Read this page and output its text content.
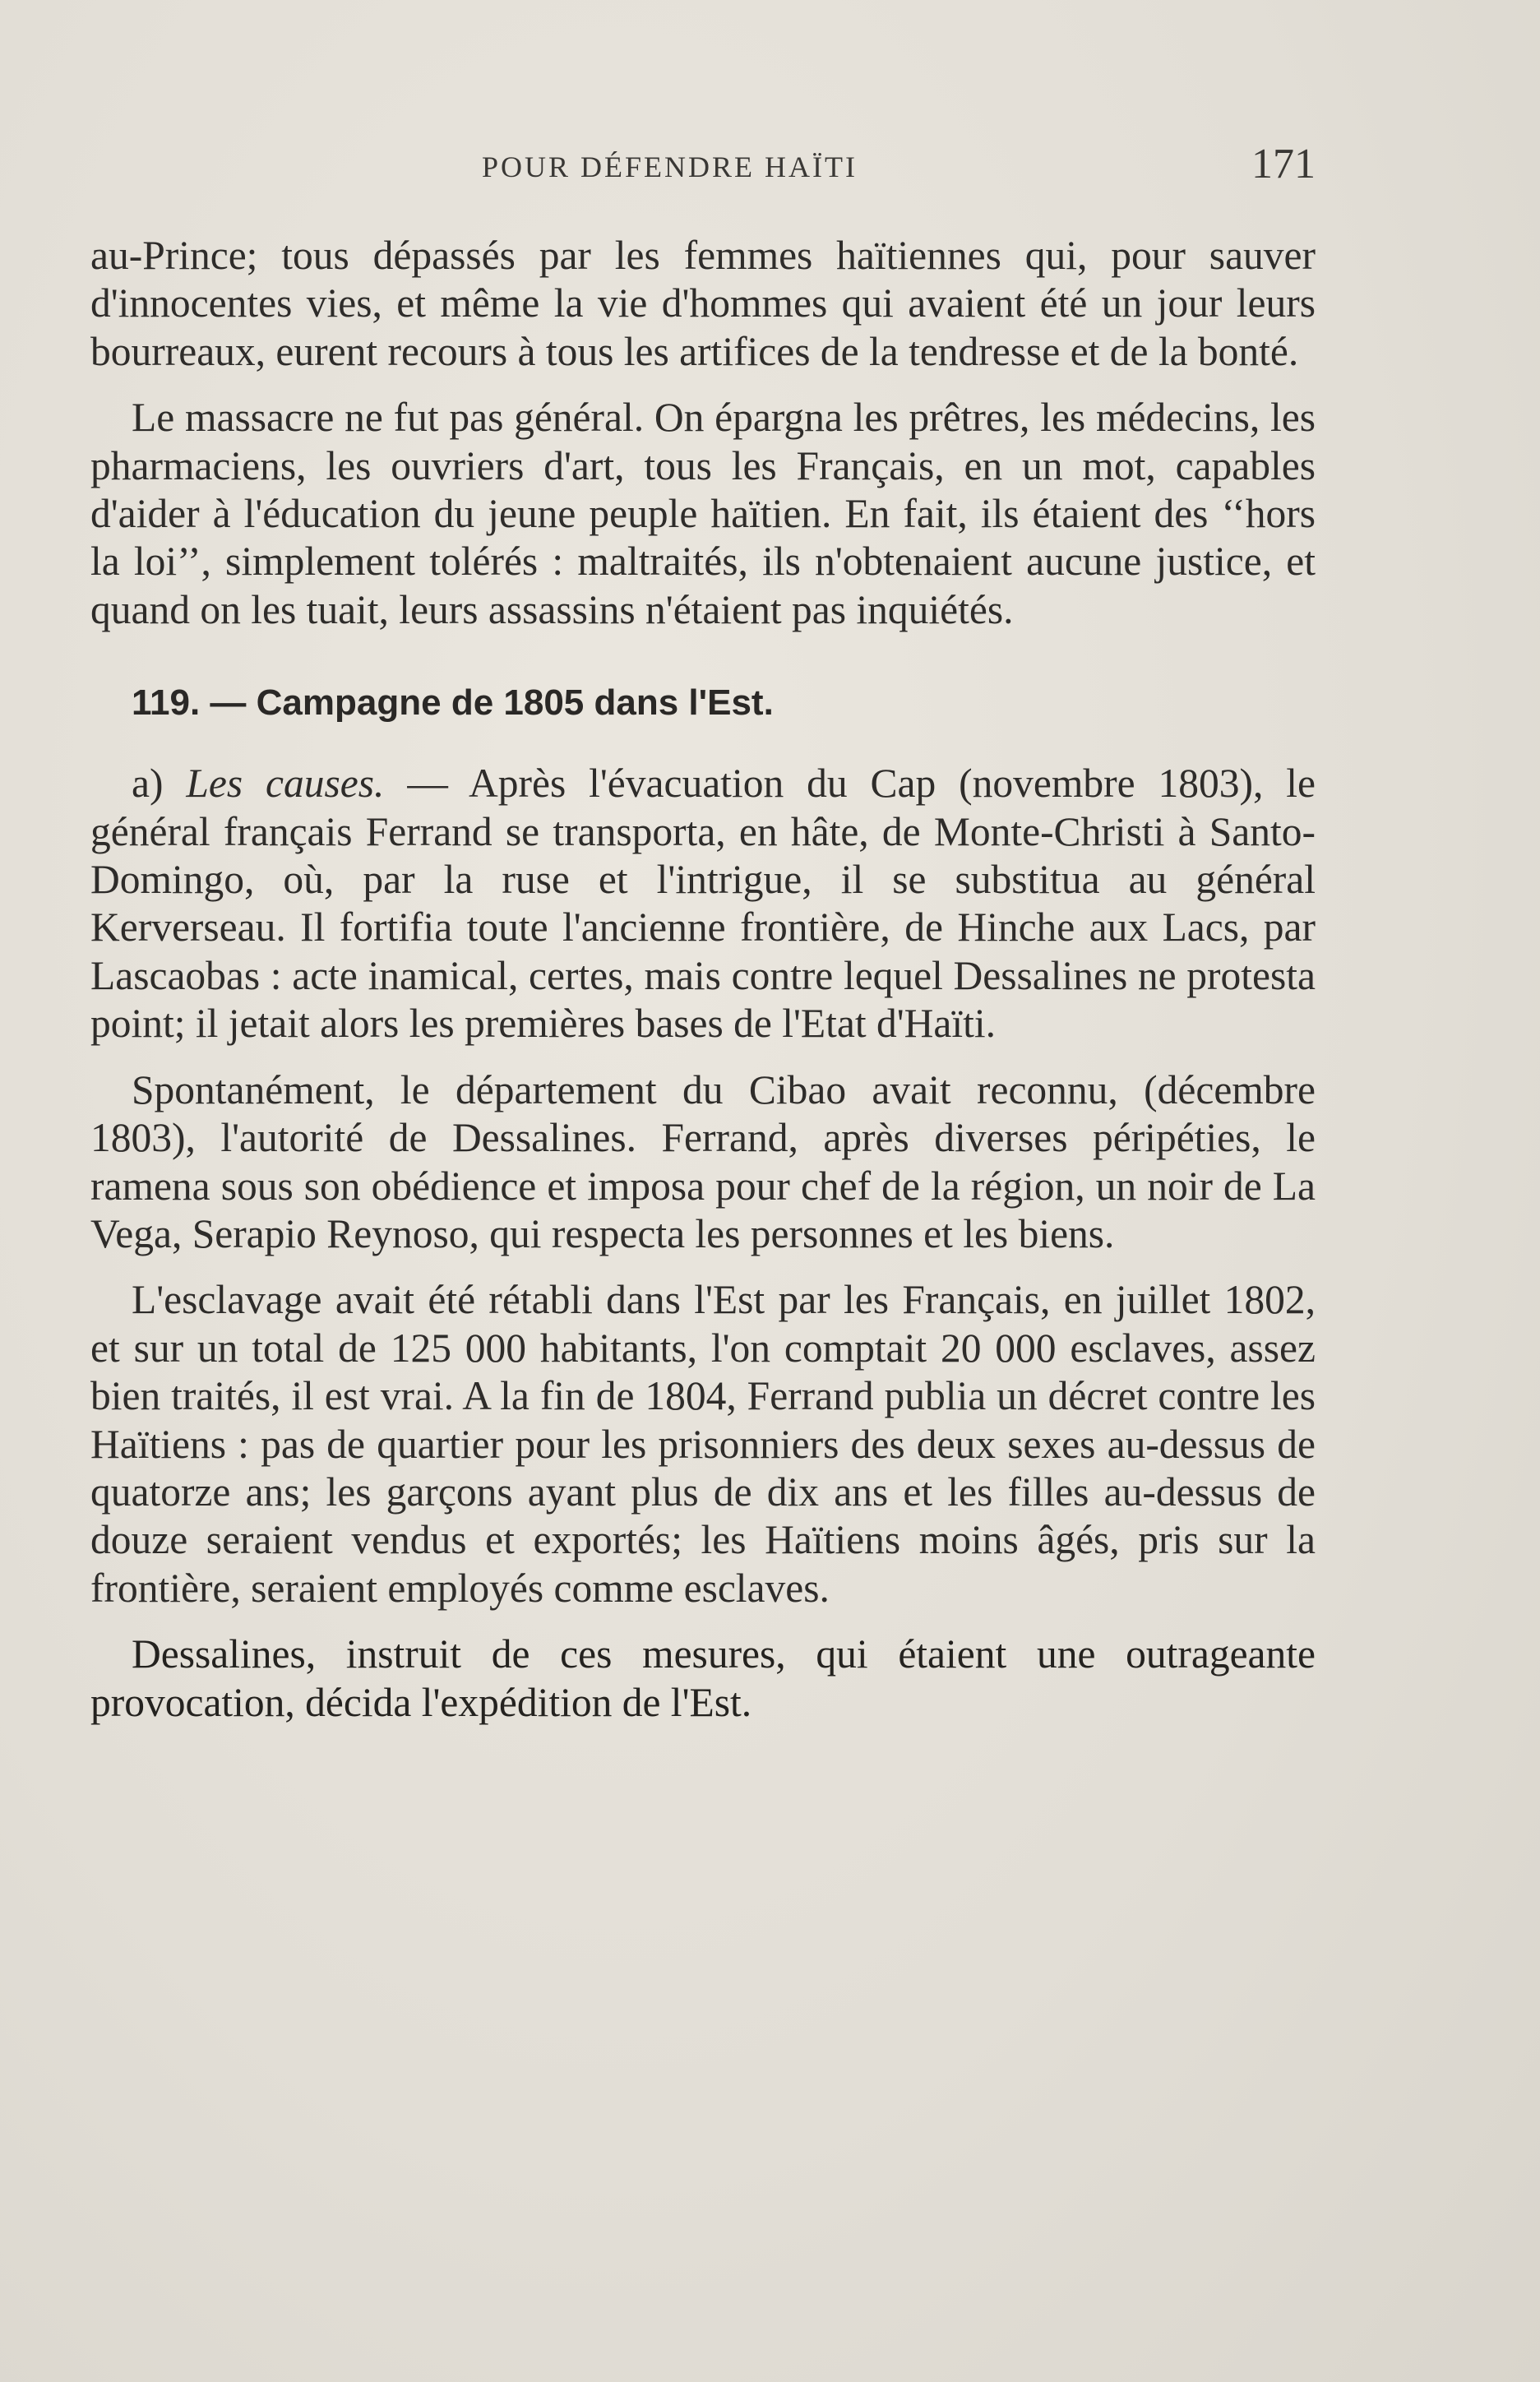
POUR DÉFENDRE HAÏTI	171

au-Prince; tous dépassés par les femmes haïtiennes qui, pour sauver d'innocentes vies, et même la vie d'hommes qui avaient été un jour leurs bourreaux, eurent recours à tous les artifices de la tendresse et de la bonté.

Le massacre ne fut pas général. On épargna les prêtres, les médecins, les pharmaciens, les ouvriers d'art, tous les Français, en un mot, capables d'aider à l'éducation du jeune peuple haïtien. En fait, ils étaient des ‘‘hors la loi’’, simplement tolérés : maltraités, ils n'obtenaient aucune justice, et quand on les tuait, leurs assassins n'étaient pas inquiétés.

119. — Campagne de 1805 dans l'Est.

a) Les causes. — Après l'évacuation du Cap (novembre 1803), le général français Ferrand se transporta, en hâte, de Monte-Christi à Santo-Domingo, où, par la ruse et l'intrigue, il se substitua au général Kerverseau. Il fortifia toute l'ancienne frontière, de Hinche aux Lacs, par Lascaobas : acte inamical, certes, mais contre lequel Dessalines ne protesta point; il jetait alors les premières bases de l'Etat d'Haïti.

Spontanément, le département du Cibao avait reconnu, (décembre 1803), l'autorité de Dessalines. Ferrand, après diverses péripéties, le ramena sous son obédience et imposa pour chef de la région, un noir de La Vega, Serapio Reynoso, qui respecta les personnes et les biens.

L'esclavage avait été rétabli dans l'Est par les Français, en juillet 1802, et sur un total de 125 000 habitants, l'on comptait 20 000 esclaves, assez bien traités, il est vrai. A la fin de 1804, Ferrand publia un décret contre les Haïtiens : pas de quartier pour les prisonniers des deux sexes au-dessus de quatorze ans; les garçons ayant plus de dix ans et les filles au-dessus de douze seraient vendus et exportés; les Haïtiens moins âgés, pris sur la frontière, seraient employés comme esclaves.

Dessalines, instruit de ces mesures, qui étaient une outrageante provocation, décida l'expédition de l'Est.
